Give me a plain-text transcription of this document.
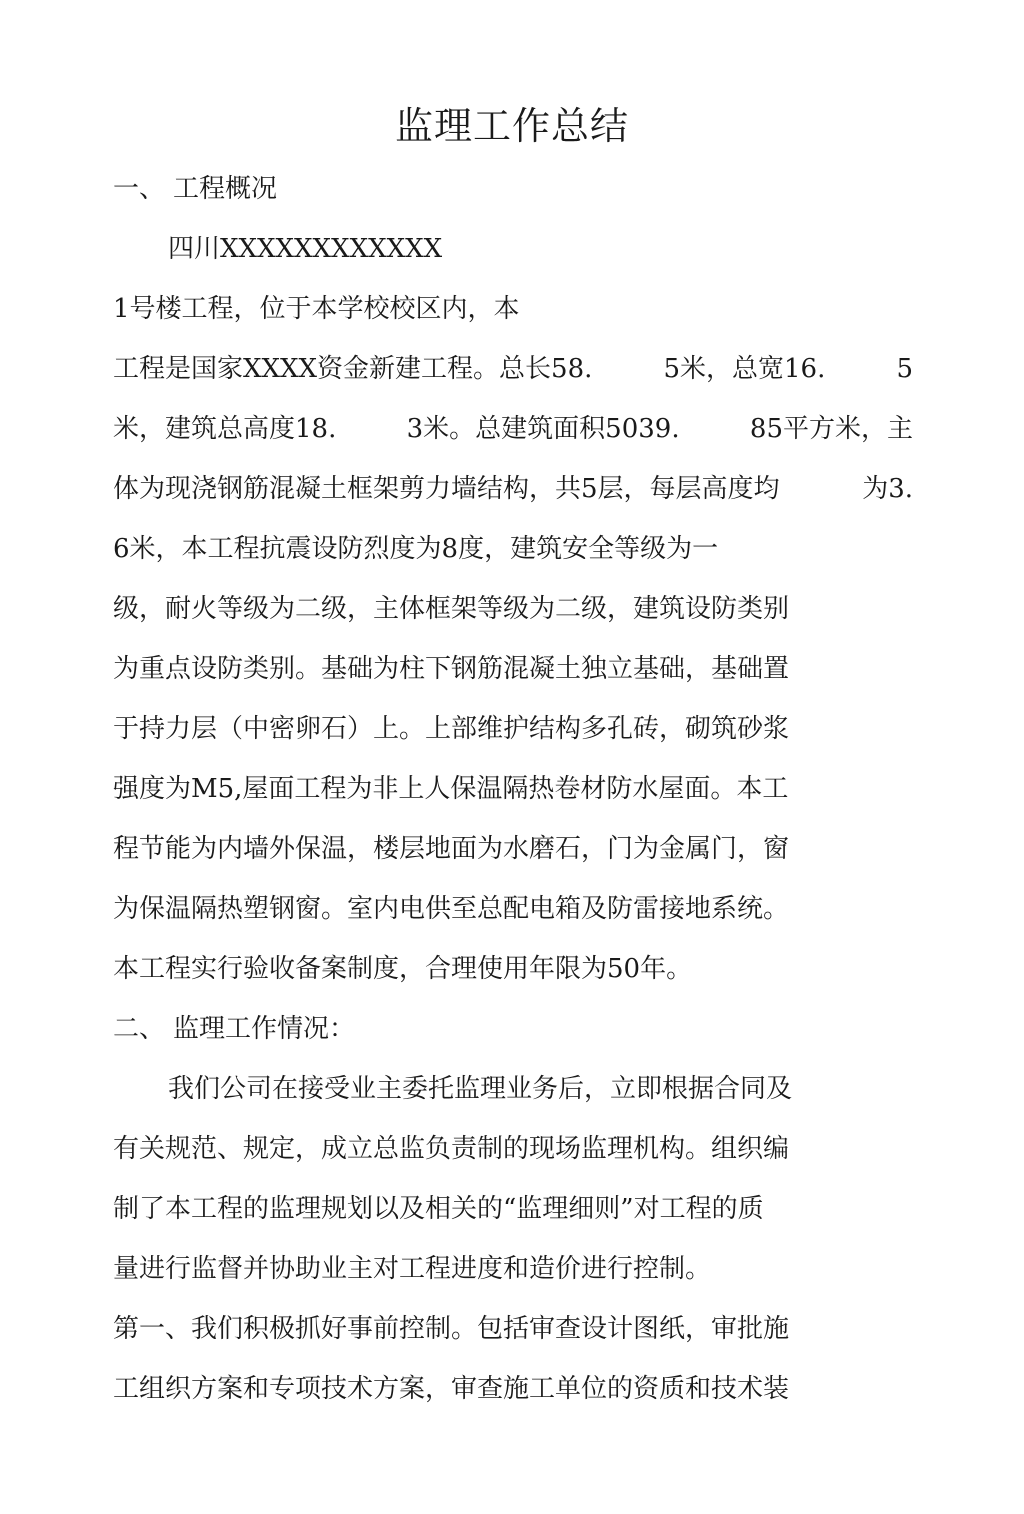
监理工作总结
一、 工程概况
四川XXXXXXXXXXXX
1号楼工程，位于本学校校区内，本
工程是国家XXXX资金新建工程。总长58.	5米，总宽16.	5
米，建筑总高度18.	3米。总建筑面积5039.	85平方米，主
体为现浇钢筋混凝土框架剪力墙结构，共5层，每层高度均	为3.
6米，本工程抗震设防烈度为8度，建筑安全等级为一
级，耐火等级为二级，主体框架等级为二级，建筑设防类别
为重点设防类别。基础为柱下钢筋混凝土独立基础，基础置
于持力层（中密卵石）上。上部维护结构多孔砖，砌筑砂浆
强度为M5,屋面工程为非上人保温隔热卷材防水屋面。本工
程节能为内墙外保温，楼层地面为水磨石，门为金属门，窗
为保温隔热塑钢窗。室内电供至总配电箱及防雷接地系统。
本工程实行验收备案制度，合理使用年限为50年。
二、 监理工作情况：
我们公司在接受业主委托监理业务后，立即根据合同及
有关规范、规定，成立总监负责制的现场监理机构。组织编
制了本工程的监理规划以及相关的“监理细则”对工程的质
量进行监督并协助业主对工程进度和造价进行控制。
第一、我们积极抓好事前控制。包括审查设计图纸，审批施
工组织方案和专项技术方案，审查施工单位的资质和技术装
